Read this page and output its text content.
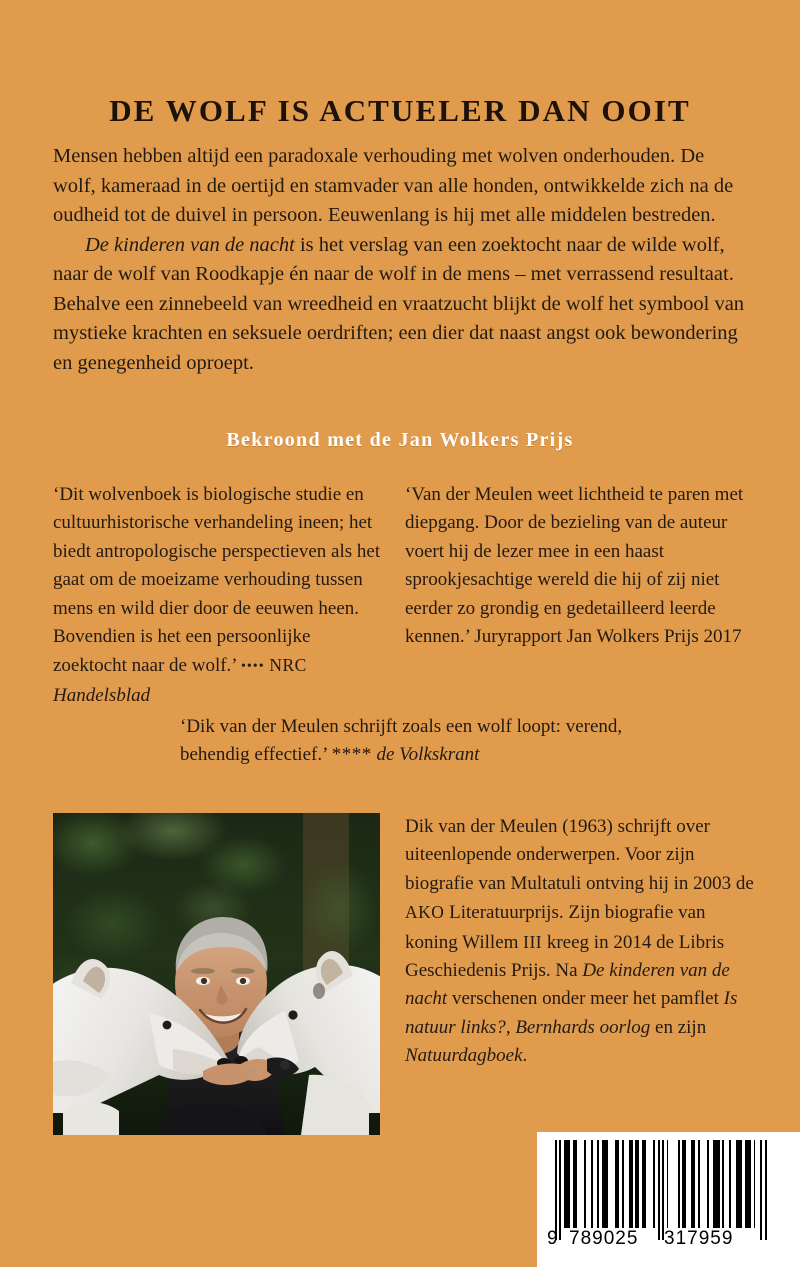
DE WOLF IS ACTUELER DAN OOIT

Mensen hebben altijd een paradoxale verhouding met wolven onderhouden. De wolf, kameraad in de oertijd en stamvader van alle honden, ontwikkelde zich na de oudheid tot de duivel in persoon. Eeuwenlang is hij met alle middelen bestreden.

De kinderen van de nacht is het verslag van een zoektocht naar de wilde wolf, naar de wolf van Roodkapje én naar de wolf in de mens – met verrassend resultaat. Behalve een zinnebeeld van wreedheid en vraatzucht blijkt de wolf het symbool van mystieke krachten en seksuele oerdriften; een dier dat naast angst ook bewondering en genegenheid oproept.

Bekroond met de Jan Wolkers Prijs

‘Dit wolvenboek is biologische studie en cultuurhistorische verhandeling ineen; het biedt antropologische perspectieven als het gaat om de moeizame verhouding tussen mens en wild dier door de eeuwen heen. Bovendien is het een persoonlijke zoektocht naar de wolf.’ •••• NRC Handelsblad

‘Van der Meulen weet lichtheid te paren met diepgang. Door de bezieling van de auteur voert hij de lezer mee in een haast sprookjesachtige wereld die hij of zij niet eerder zo grondig en gedetailleerd leerde kennen.’ Juryrapport Jan Wolkers Prijs 2017

‘Dik van der Meulen schrijft zoals een wolf loopt: verend, behendig effectief.’ **** de Volkskrant

Dik van der Meulen (1963) schrijft over uiteenlopende onderwerpen. Voor zijn biografie van Multatuli ontving hij in 2003 de AKO Literatuurprijs. Zijn biografie van koning Willem III kreeg in 2014 de Libris Geschiedenis Prijs. Na De kinderen van de nacht verschenen onder meer het pamflet Is natuur links?, Bernhards oorlog en zijn Natuurdagboek.

9 789025 317959
